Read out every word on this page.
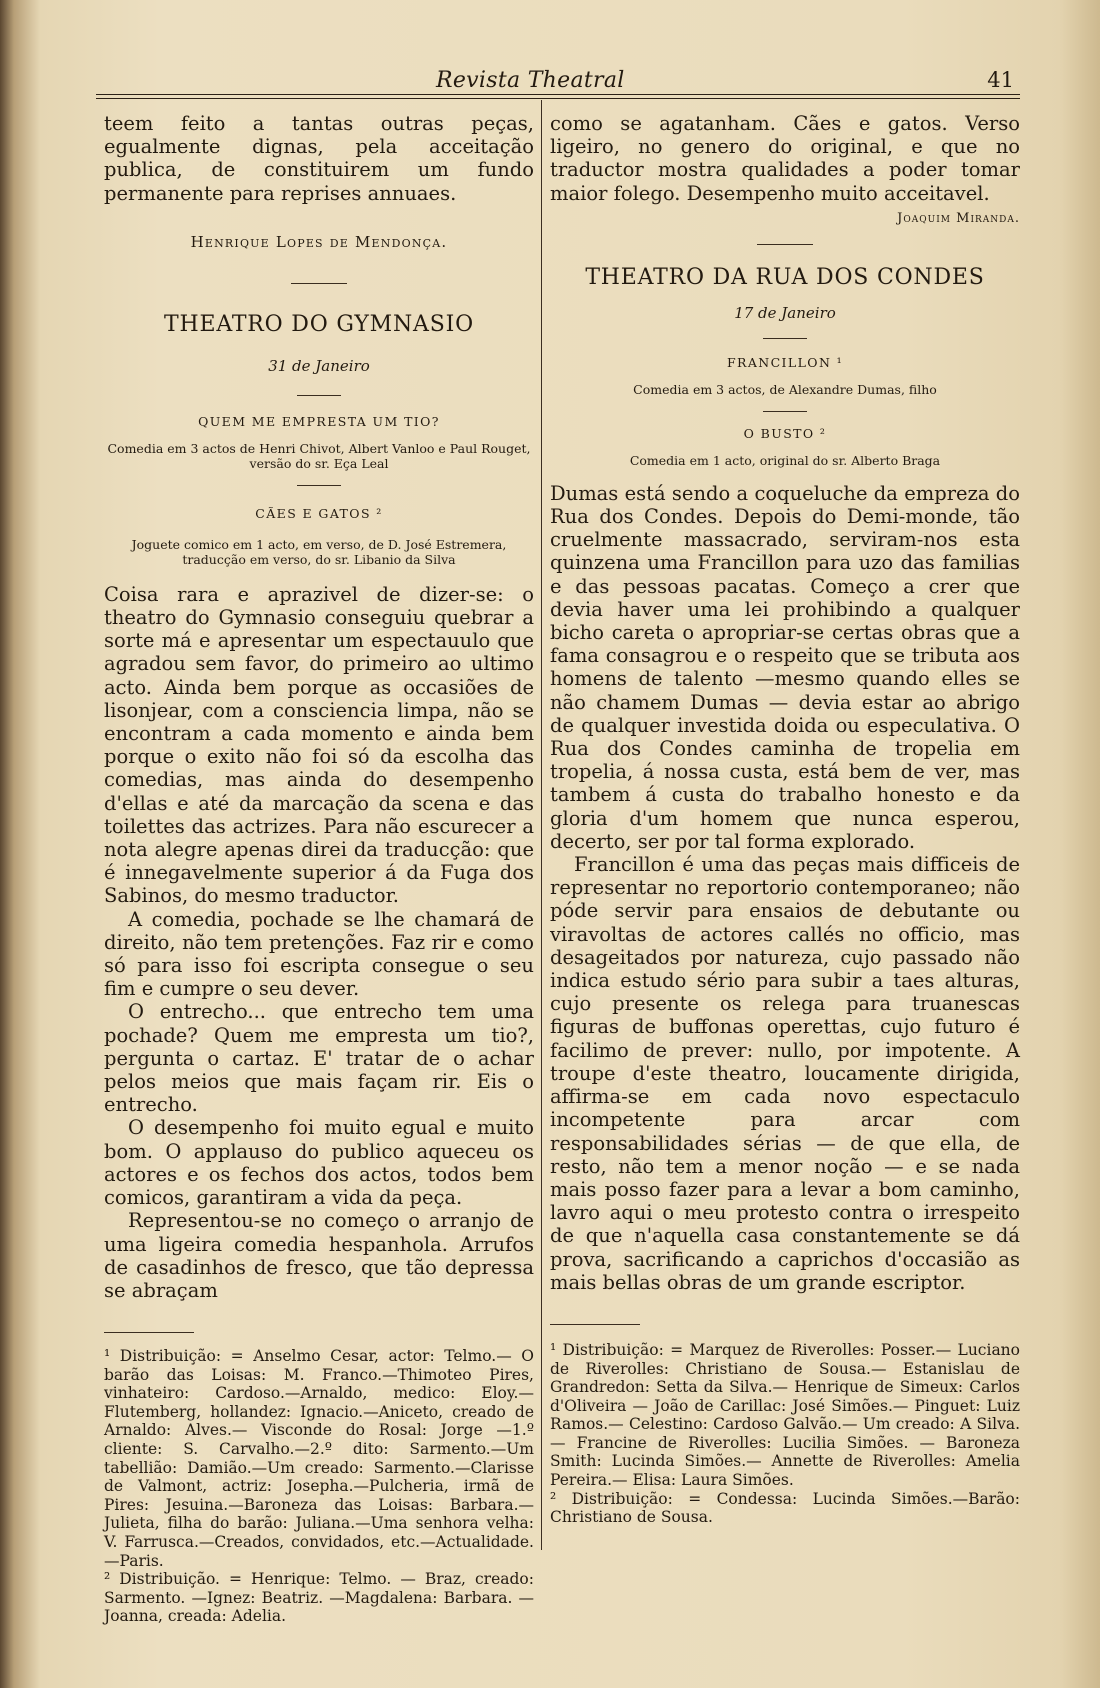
Revista Theatral	41

teem feito a tantas outras peças, egualmente dignas, pela acceitação publica, de constituirem um fundo permanente para reprises annuaes.

Henrique Lopes de Mendonça.

THEATRO DO GYMNASIO

31 de Janeiro

QUEM ME EMPRESTA UM TIO?

Comedia em 3 actos de Henri Chivot, Albert Vanloo e Paul Rouget, versão do sr. Eça Leal

CÃES E GATOS ²

Joguete comico em 1 acto, em verso, de D. José Estremera, traducção em verso, do sr. Libanio da Silva

Coisa rara e aprazivel de dizer-se: o theatro do Gymnasio conseguiu quebrar a sorte má e apresentar um espectauulo que agradou sem favor, do primeiro ao ultimo acto. Ainda bem porque as occasiões de lisonjear, com a consciencia limpa, não se encontram a cada momento e ainda bem porque o exito não foi só da escolha das comedias, mas ainda do desempenho d'ellas e até da marcação da scena e das toilettes das actrizes. Para não escurecer a nota alegre apenas direi da traducção: que é innegavelmente superior á da Fuga dos Sabinos, do mesmo traductor.

A comedia, pochade se lhe chamará de direito, não tem pretenções. Faz rir e como só para isso foi escripta consegue o seu fim e cumpre o seu dever.

O entrecho... que entrecho tem uma pochade? Quem me empresta um tio?, pergunta o cartaz. E' tratar de o achar pelos meios que mais façam rir. Eis o entrecho.

O desempenho foi muito egual e muito bom. O applauso do publico aqueceu os actores e os fechos dos actos, todos bem comicos, garantiram a vida da peça.

Representou-se no começo o arranjo de uma ligeira comedia hespanhola. Arrufos de casadinhos de fresco, que tão depressa se abraçam

¹ Distribuição: = Anselmo Cesar, actor: Telmo.— O barão das Loisas: M. Franco.—Thimoteo Pires, vinhateiro: Cardoso.—Arnaldo, medico: Eloy.—Flutemberg, hollandez: Ignacio.—Aniceto, creado de Arnaldo: Alves.— Visconde do Rosal: Jorge —1.º cliente: S. Carvalho.—2.º dito: Sarmento.—Um tabellião: Damião.—Um creado: Sarmento.—Clarisse de Valmont, actriz: Josepha.—Pulcheria, irmã de Pires: Jesuina.—Baroneza das Loisas: Barbara.—Julieta, filha do barão: Juliana.—Uma senhora velha: V. Farrusca.—Creados, convidados, etc.—Actualidade.—Paris.

² Distribuição. = Henrique: Telmo. — Braz, creado: Sarmento. —Ignez: Beatriz. —Magdalena: Barbara. — Joanna, creada: Adelia.

como se agatanham. Cães e gatos. Verso ligeiro, no genero do original, e que no traductor mostra qualidades a poder tomar maior folego. Desempenho muito acceitavel.

Joaquim Miranda.

THEATRO DA RUA DOS CONDES

17 de Janeiro

FRANCILLON ¹

Comedia em 3 actos, de Alexandre Dumas, filho

O BUSTO ²

Comedia em 1 acto, original do sr. Alberto Braga

Dumas está sendo a coqueluche da empreza do Rua dos Condes. Depois do Demi-monde, tão cruelmente massacrado, serviram-nos esta quinzena uma Francillon para uzo das familias e das pessoas pacatas. Começo a crer que devia haver uma lei prohibindo a qualquer bicho careta o apropriar-se certas obras que a fama consagrou e o respeito que se tributa aos homens de talento —mesmo quando elles se não chamem Dumas — devia estar ao abrigo de qualquer investida doida ou especulativa. O Rua dos Condes caminha de tropelia em tropelia, á nossa custa, está bem de ver, mas tambem á custa do trabalho honesto e da gloria d'um homem que nunca esperou, decerto, ser por tal forma explorado.

Francillon é uma das peças mais difficeis de representar no reportorio contemporaneo; não póde servir para ensaios de debutante ou viravoltas de actores callés no officio, mas desageitados por natureza, cujo passado não indica estudo sério para subir a taes alturas, cujo presente os relega para truanescas figuras de buffonas operettas, cujo futuro é facilimo de prever: nullo, por impotente. A troupe d'este theatro, loucamente dirigida, affirma-se em cada novo espectaculo incompetente para arcar com responsabilidades sérias — de que ella, de resto, não tem a menor noção — e se nada mais posso fazer para a levar a bom caminho, lavro aqui o meu protesto contra o irrespeito de que n'aquella casa constantemente se dá prova, sacrificando a caprichos d'occasião as mais bellas obras de um grande escriptor.

¹ Distribuição: = Marquez de Riverolles: Posser.— Luciano de Riverolles: Christiano de Sousa.— Estanislau de Grandredon: Setta da Silva.— Henrique de Simeux: Carlos d'Oliveira — João de Carillac: José Simões.— Pinguet: Luiz Ramos.— Celestino: Cardoso Galvão.— Um creado: A Silva.— Francine de Riverolles: Lucilia Simões. — Baroneza Smith: Lucinda Simões.— Annette de Riverolles: Amelia Pereira.— Elisa: Laura Simões.

² Distribuição: = Condessa: Lucinda Simões.—Barão: Christiano de Sousa.
